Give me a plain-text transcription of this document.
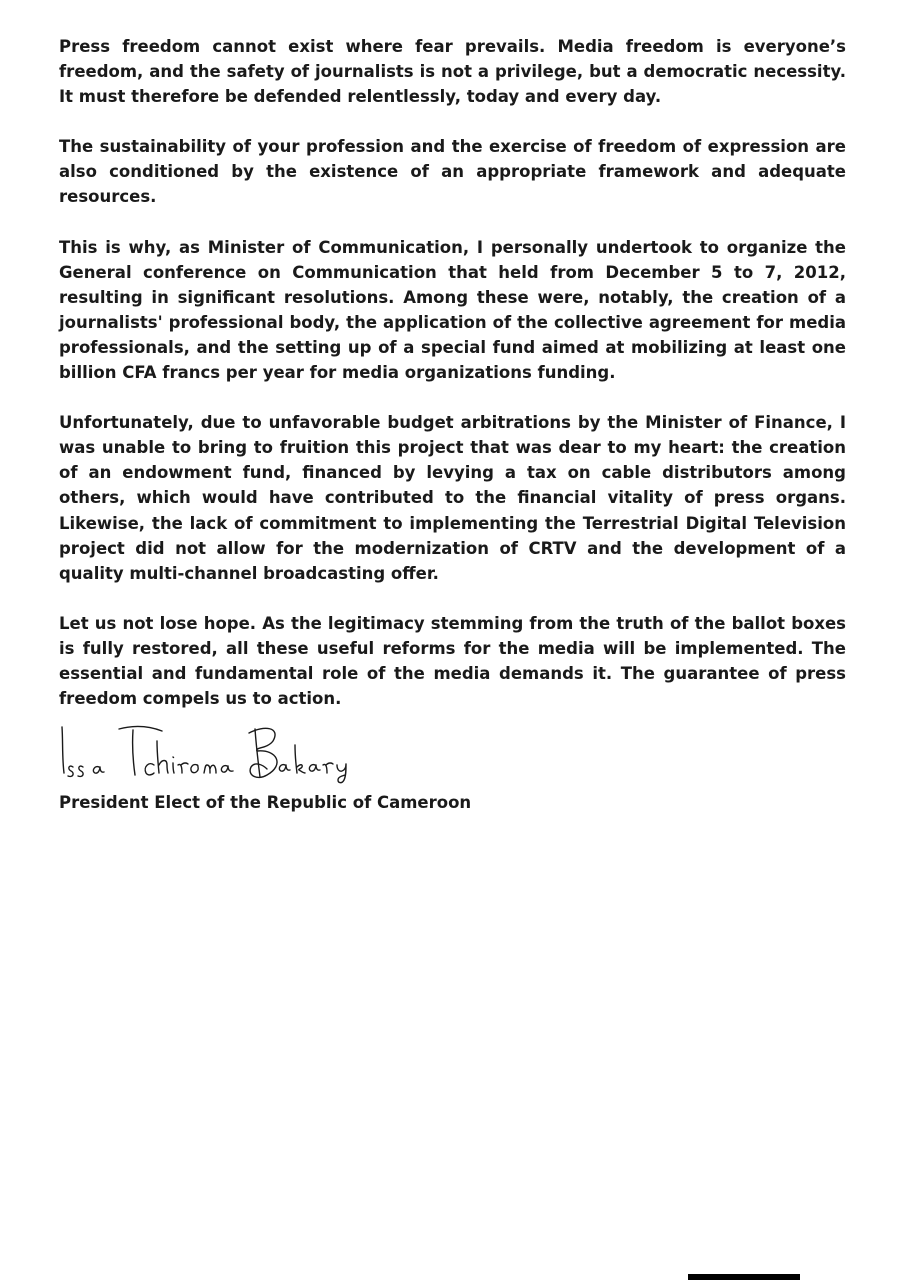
Press freedom cannot exist where fear prevails. Media freedom is everyone’s freedom, and the safety of journalists is not a privilege, but a democratic necessity. It must therefore be defended relentlessly, today and every day.

The sustainability of your profession and the exercise of freedom of expression are also conditioned by the existence of an appropriate framework and adequate resources.

This is why, as Minister of Communication, I personally undertook to organize the General conference on Communication that held from December 5 to 7, 2012, resulting in significant resolutions. Among these were, notably, the creation of a journalists' professional body, the application of the collective agreement for media professionals, and the setting up of a special fund aimed at mobilizing at least one billion CFA francs per year for media organizations funding.

Unfortunately, due to unfavorable budget arbitrations by the Minister of Finance, I was unable to bring to fruition this project that was dear to my heart: the creation of an endowment fund, financed by levying a tax on cable distributors among others, which would have contributed to the financial vitality of press organs. Likewise, the lack of commitment to implementing the Terrestrial Digital Television project did not allow for the modernization of CRTV and the development of a quality multi-channel broadcasting offer.

Let us not lose hope. As the legitimacy stemming from the truth of the ballot boxes is fully restored, all these useful reforms for the media will be implemented. The essential and fundamental role of the media demands it. The guarantee of press freedom compels us to action.

President Elect of the Republic of Cameroon
